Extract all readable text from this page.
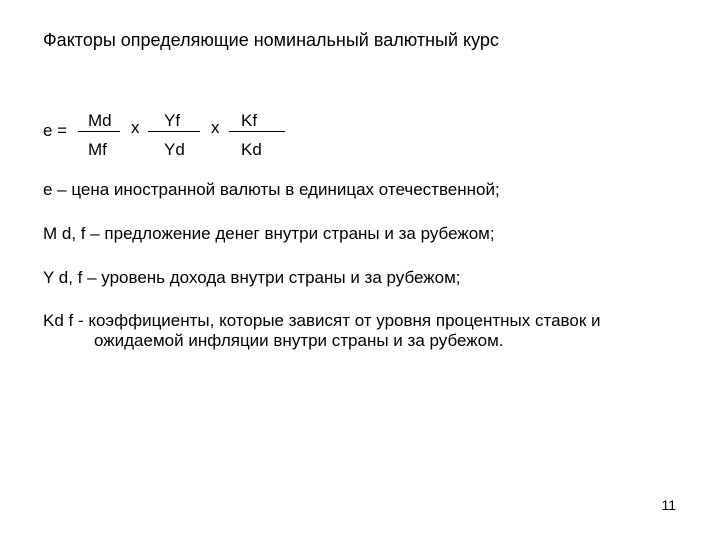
Факторы определяющие номинальный валютный курс
e =
Md
Mf
x Yf
Yd
x Kf
Kd
e – цена иностранной валюты в единицах отечественной;
M d, f – предложение денег внутри страны и за рубежом;
Y d, f – уровень дохода внутри страны и за рубежом;
Kd f - коэффициенты, которые зависят от уровня процентных ставок и
ожидаемой инфляции внутри страны и за рубежом.
11
